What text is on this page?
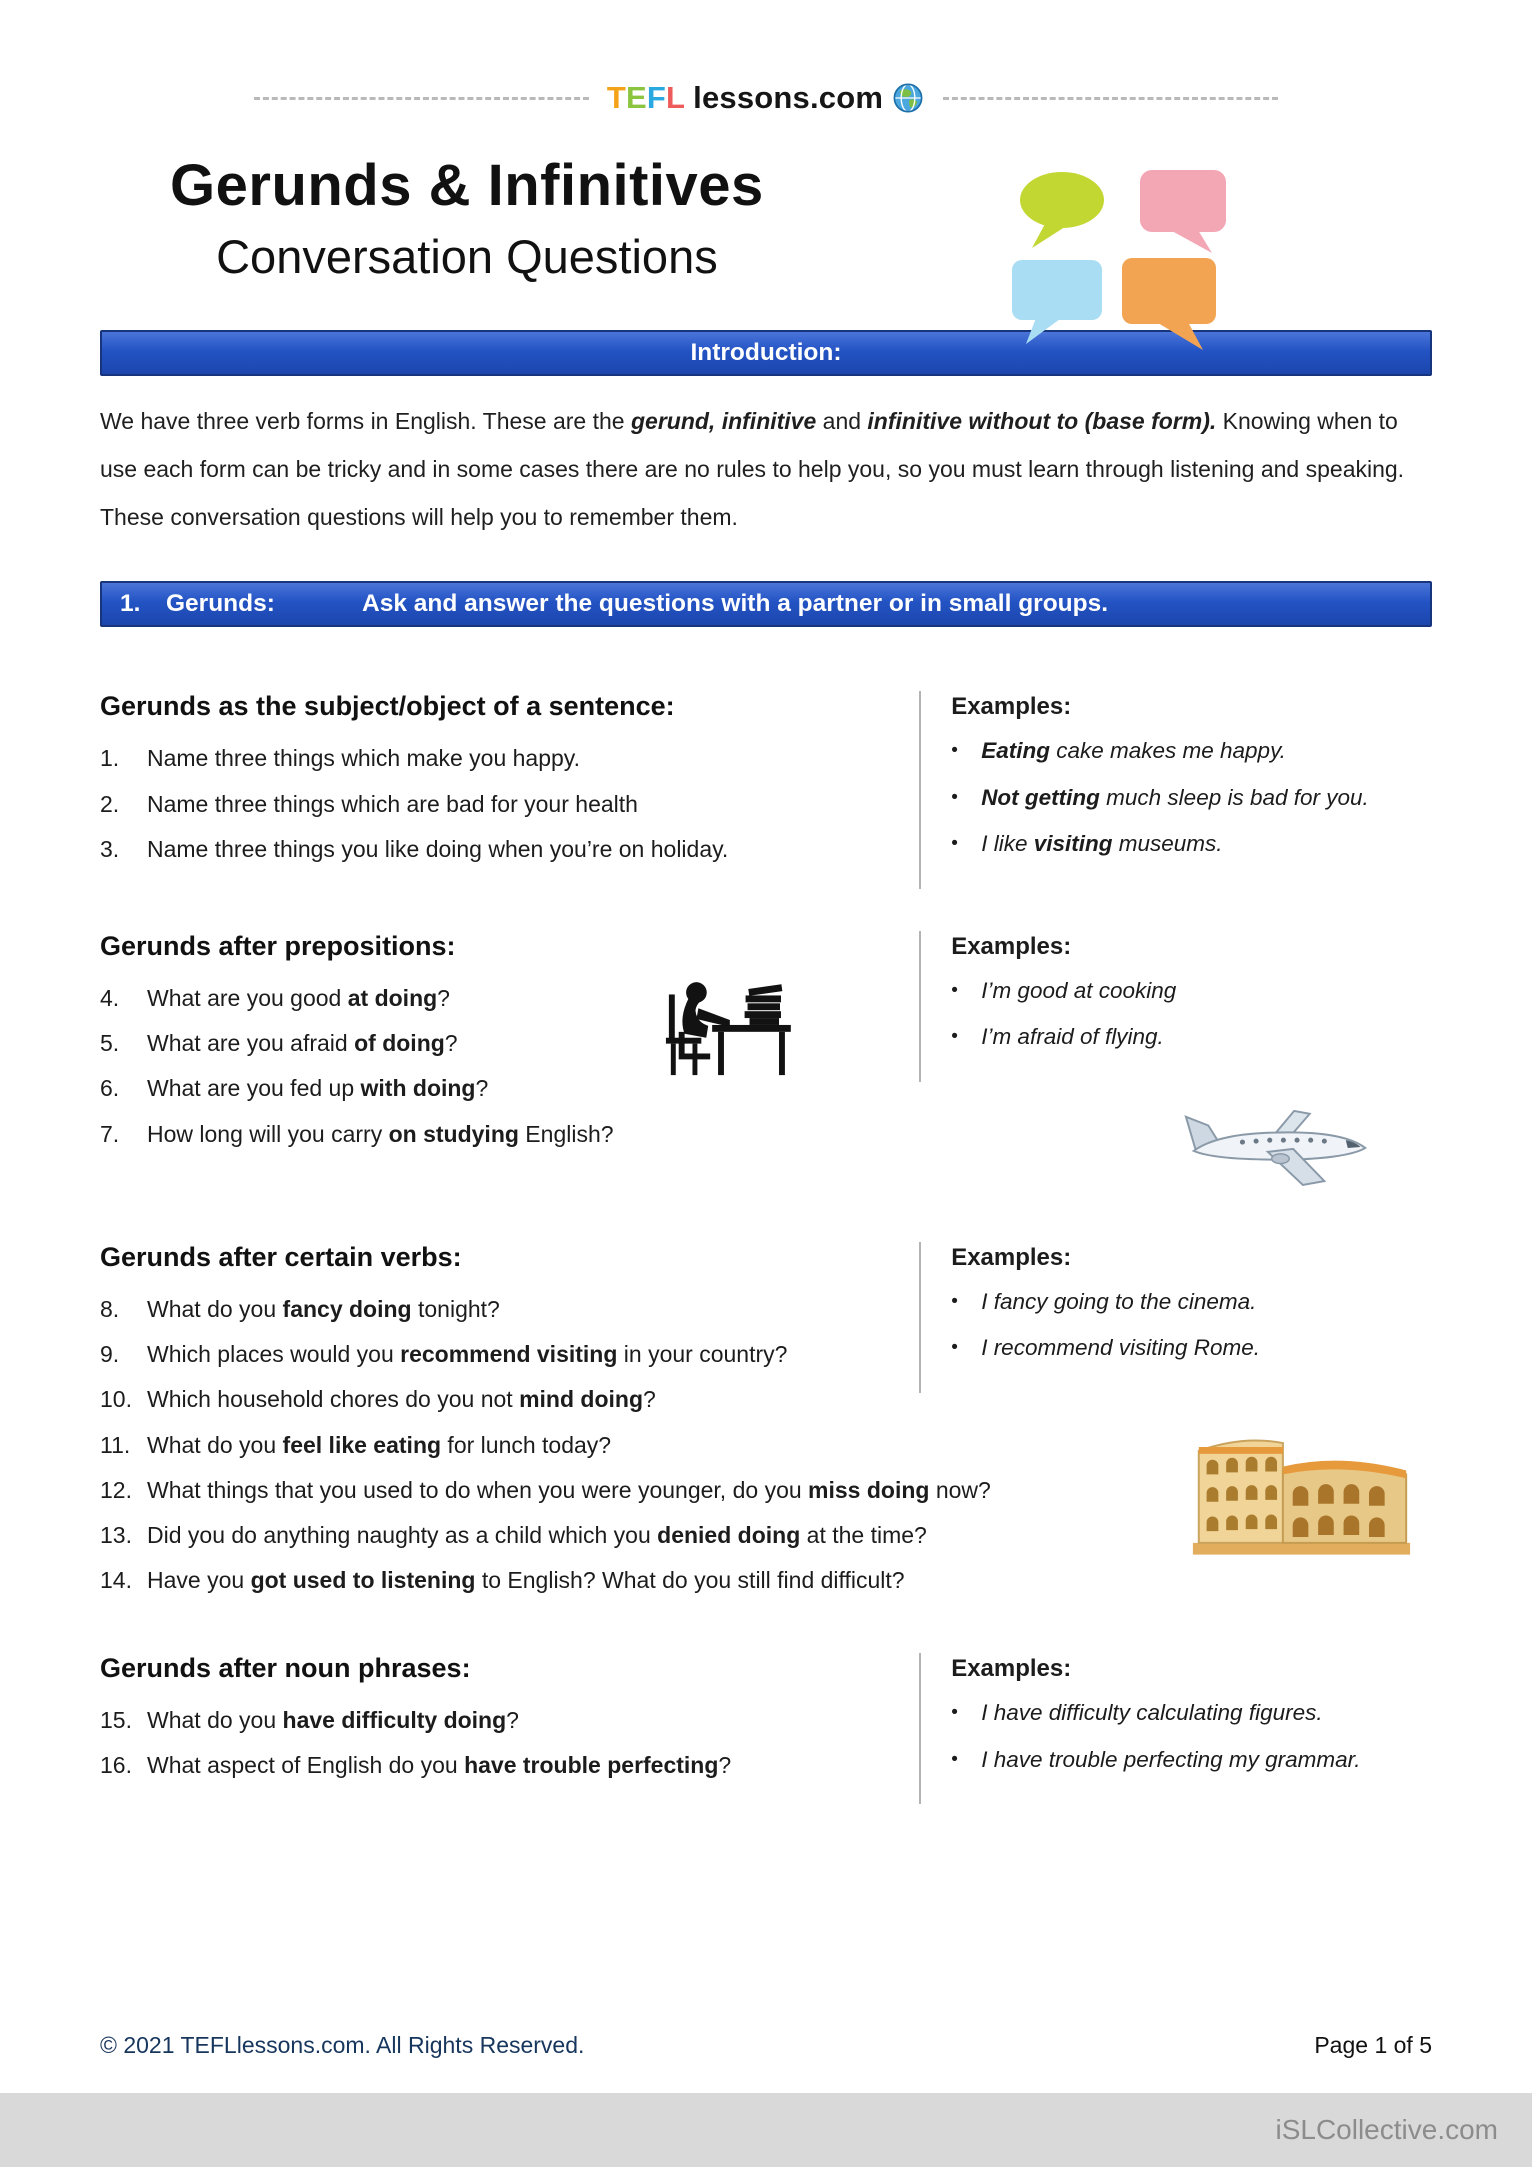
TEFL lessons.com
Gerunds & Infinitives
Conversation Questions
Introduction:

We have three verb forms in English. These are the gerund, infinitive and infinitive without to (base form). Knowing when to use each form can be tricky and in some cases there are no rules to help you, so you must learn through listening and speaking. These conversation questions will help you to remember them.

1.	Gerunds:	Ask and answer the questions with a partner or in small groups.
Examples:
•	Eating cake makes me happy.
•	Not getting much sleep is bad for you.
•	I like visiting museums.
Gerunds as the subject/object of a sentence:
1.	Name three things which make you happy.
2.	Name three things which are bad for your health
3.	Name three things you like doing when you’re on holiday.
Examples:
•	I’m good at cooking
•	I’m afraid of flying.
Gerunds after prepositions:
4.	What are you good at doing?
5.	What are you afraid of doing?
6.	What are you fed up with doing?
7.	How long will you carry on studying English?
Examples:
•	I fancy going to the cinema.
•	I recommend visiting Rome.
Gerunds after certain verbs:
8.	What do you fancy doing tonight?
9.	Which places would you recommend visiting in your country?
10. Which household chores do you not mind doing?
11. What do you feel like eating for lunch today?
12. What things that you used to do when you were younger, do you miss doing now?
13. Did you do anything naughty as a child which you denied doing at the time?
14. Have you got used to listening to English? What do you still find difficult?
Examples:
•	I have difficulty calculating figures.
•	I have trouble perfecting my grammar.
Gerunds after noun phrases:
15. What do you have difficulty doing?
16. What aspect of English do you have trouble perfecting?
© 2021 TEFLlessons.com. All Rights Reserved.	Page 1 of 5
iSLCollective.com
